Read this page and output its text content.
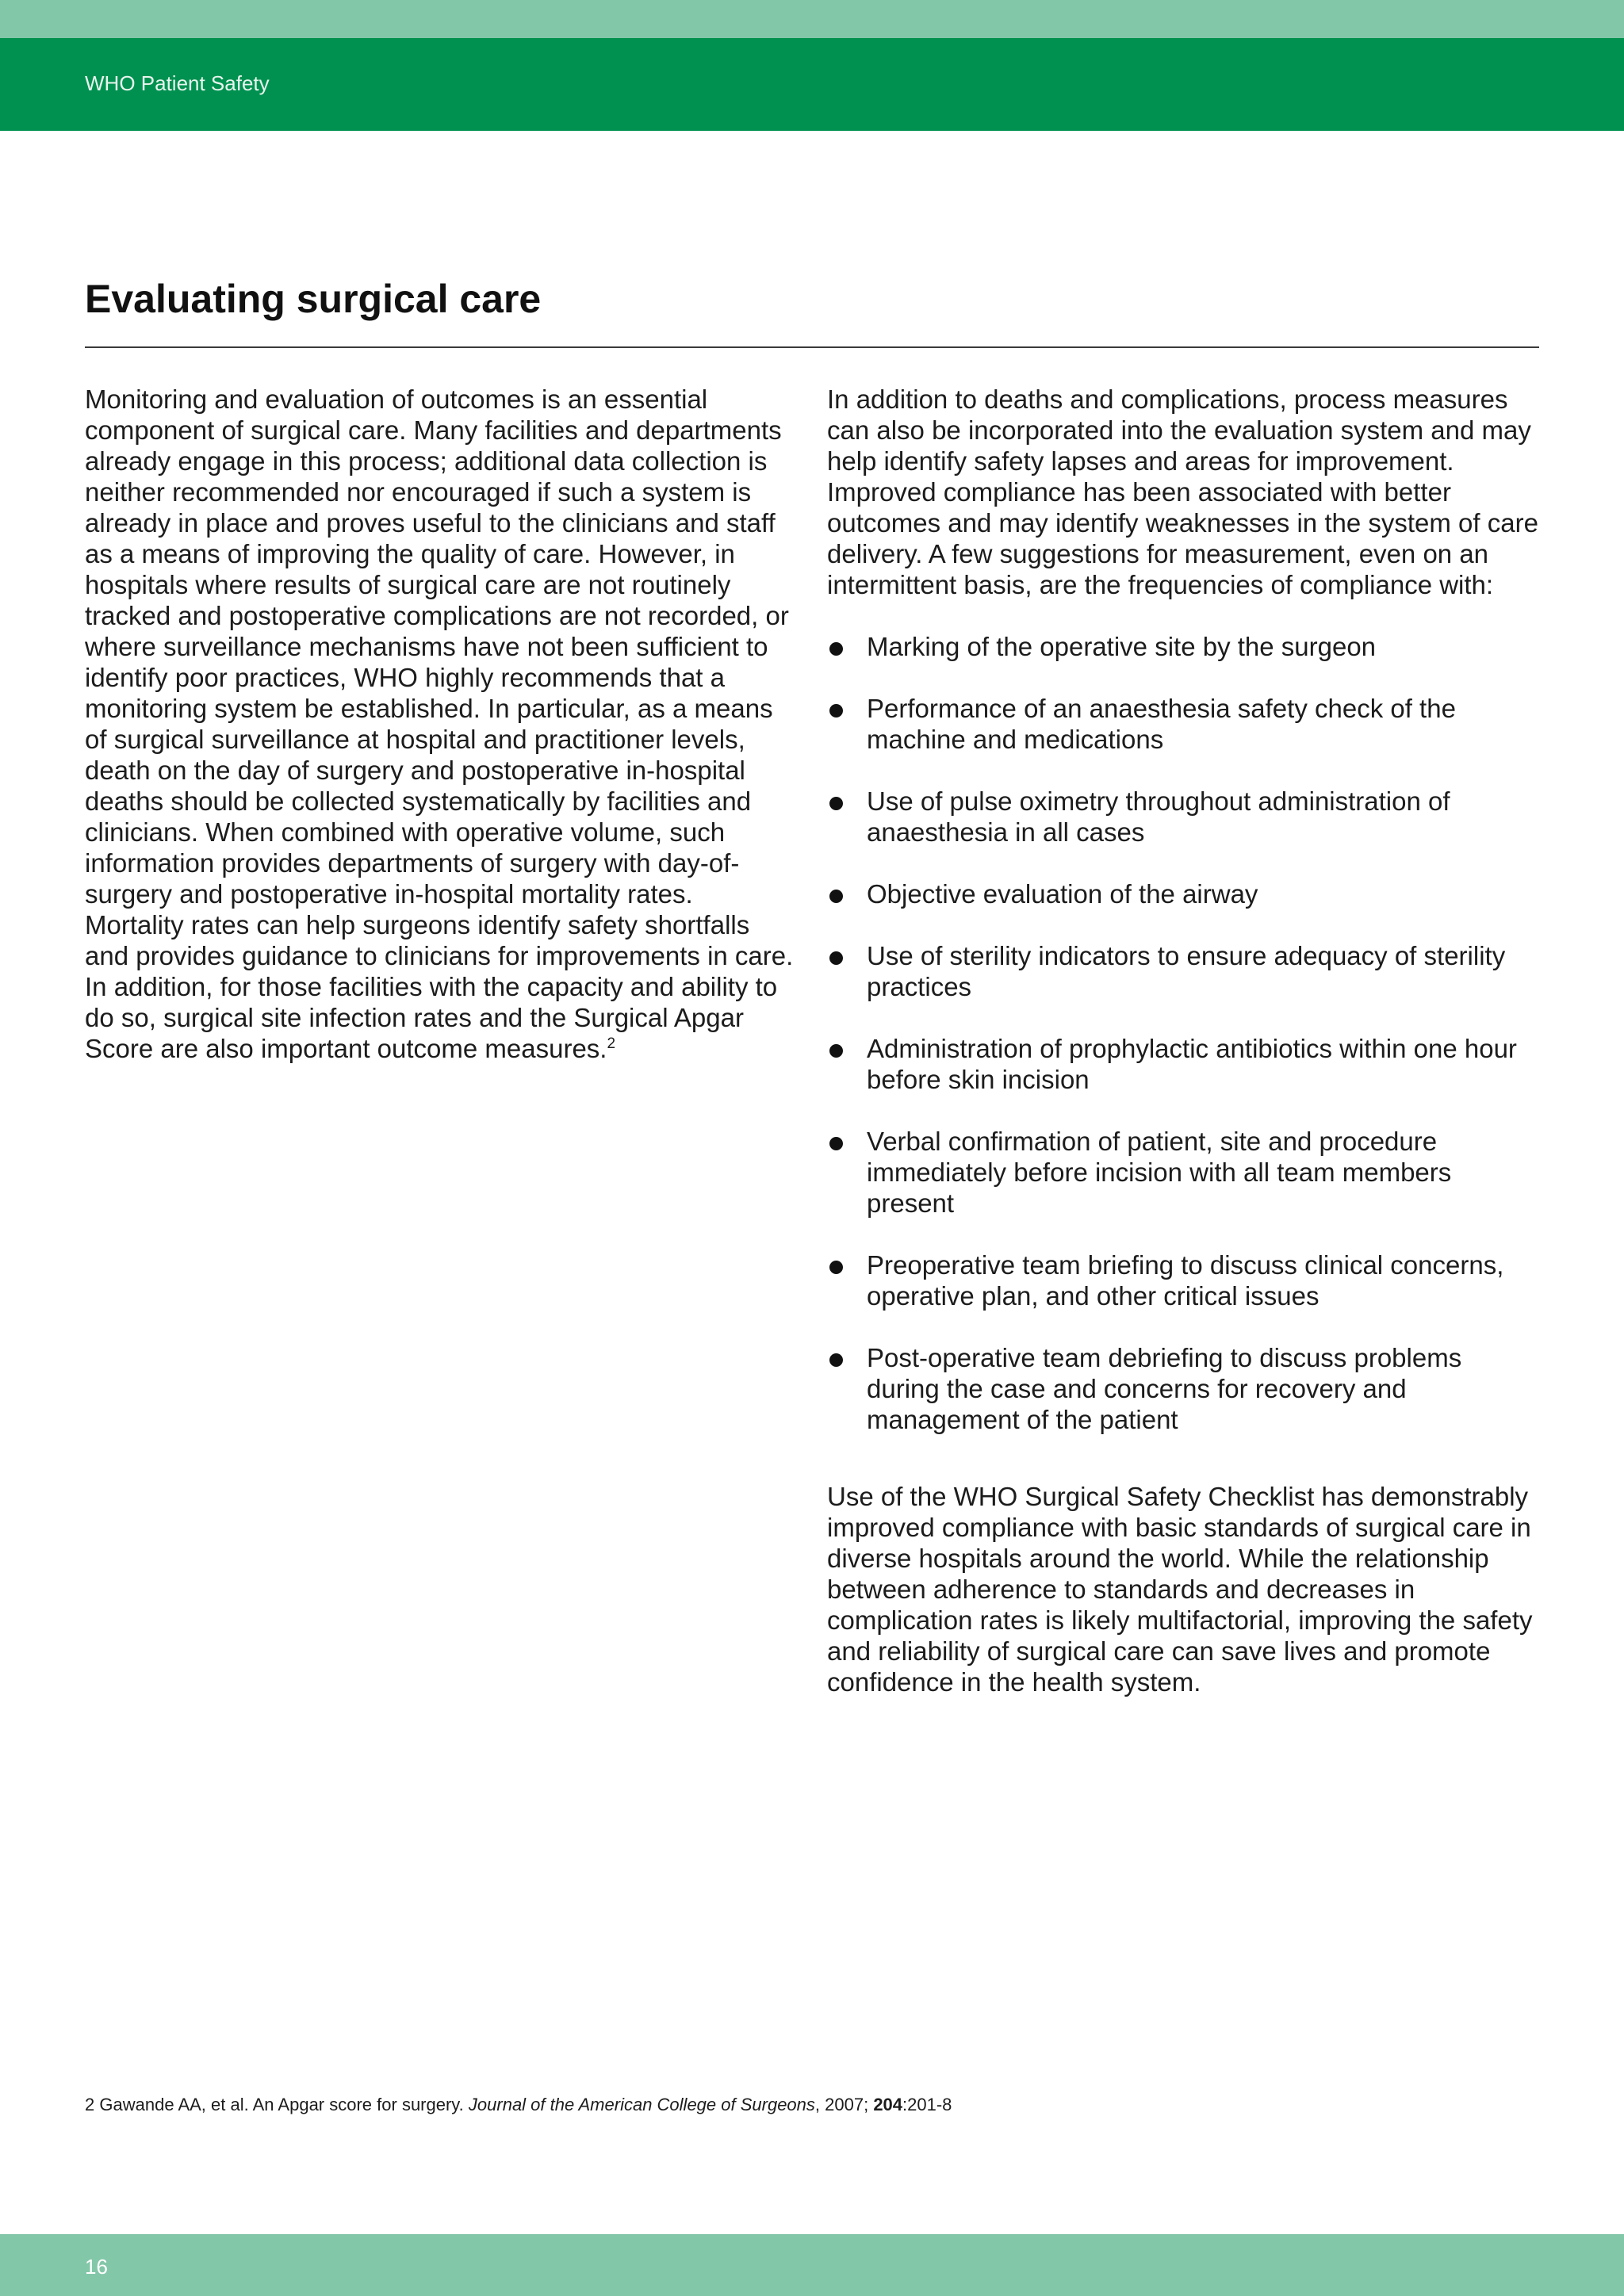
WHO Patient Safety
Evaluating surgical care

Monitoring and evaluation of outcomes is an essential component of surgical care. Many facilities and departments already engage in this process; additional data collection is neither recommended nor encouraged if such a system is already in place and proves useful to the clinicians and staff as a means of improving the quality of care. However, in hospitals where results of surgical care are not routinely tracked and postoperative complications are not recorded, or where surveillance mechanisms have not been sufficient to identify poor practices, WHO highly recommends that a monitoring system be established. In particular, as a means of surgical surveillance at hospital and practitioner levels, death on the day of surgery and postoperative in-hospital deaths should be collected systematically by facilities and clinicians. When combined with operative volume, such information provides departments of surgery with day-of-surgery and postoperative in-hospital mortality rates. Mortality rates can help surgeons identify safety shortfalls and provides guidance to clinicians for improvements in care. In addition, for those facilities with the capacity and ability to do so, surgical site infection rates and the Surgical Apgar Score are also important outcome measures.$^2$

In addition to deaths and complications, process measures can also be incorporated into the evaluation system and may help identify safety lapses and areas for improvement. Improved compliance has been associated with better outcomes and may identify weaknesses in the system of care delivery. A few suggestions for measurement, even on an intermittent basis, are the frequencies of compliance with:

Marking of the operative site by the surgeon
Performance of an anaesthesia safety check of the machine and medications
Use of pulse oximetry throughout administration of anaesthesia in all cases
Objective evaluation of the airway
Use of sterility indicators to ensure adequacy of sterility practices
Administration of prophylactic antibiotics within one hour before skin incision
Verbal confirmation of patient, site and procedure immediately before incision with all team members present
Preoperative team briefing to discuss clinical concerns, operative plan, and other critical issues
Post-operative team debriefing to discuss problems during the case and concerns for recovery and management of the patient

Use of the WHO Surgical Safety Checklist has demonstrably improved compliance with basic standards of surgical care in diverse hospitals around the world. While the relationship between adherence to standards and decreases in complication rates is likely multifactorial, improving the safety and reliability of surgical care can save lives and promote confidence in the health system.

2 Gawande AA, et al. An Apgar score for surgery. Journal of the American College of Surgeons, 2007; 204:201-8
16
